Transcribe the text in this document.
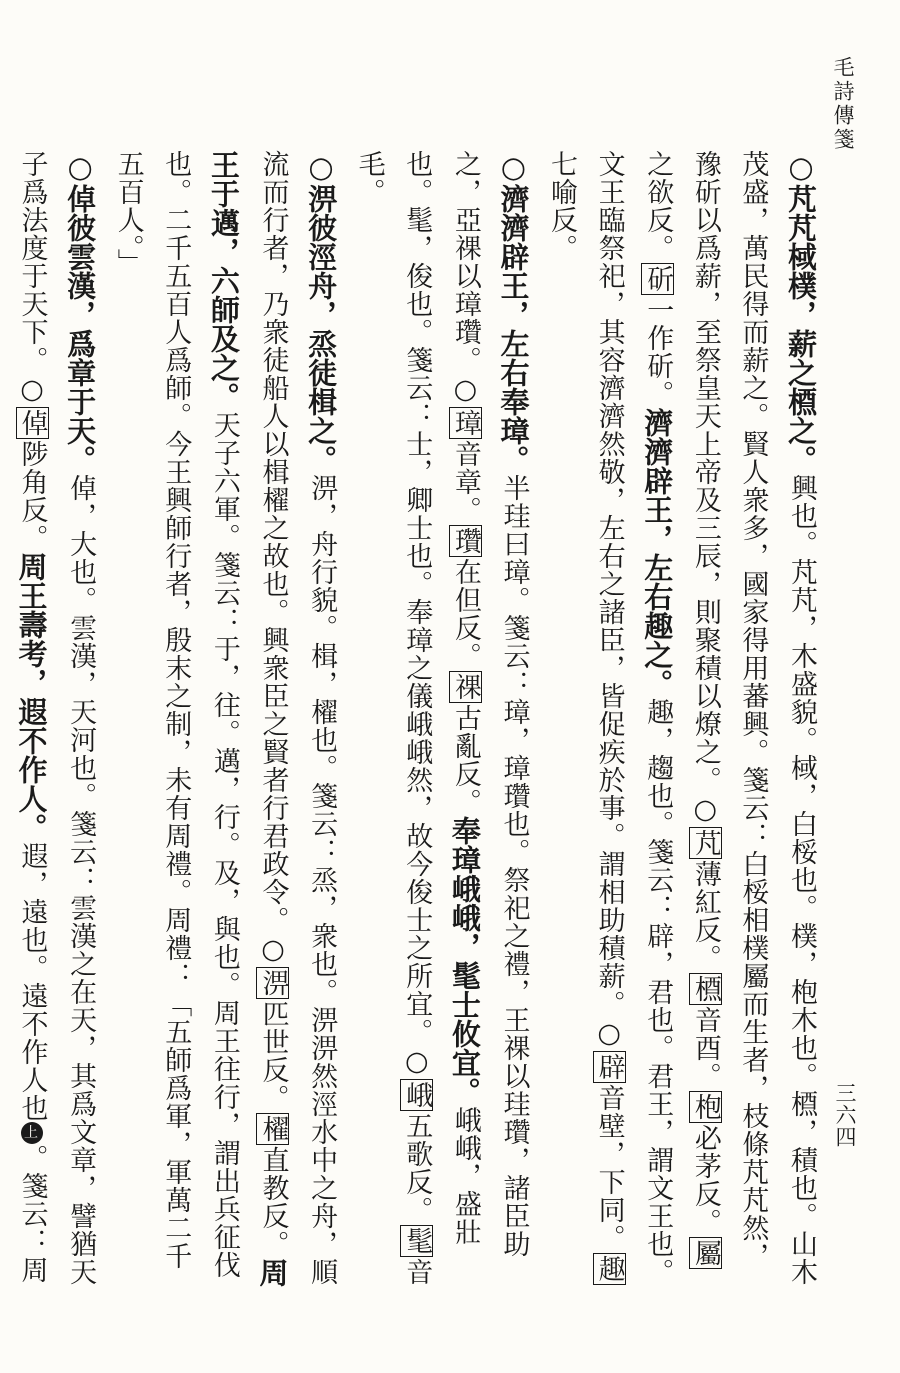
毛詩傳箋
三六四

○芃芃棫樸，薪之槱之。興也。芃芃，木盛貌。棫，白桵也。樸，枹木也。槱，積也。山木茂盛，萬民得而薪之。賢人衆多，國家得用蕃興。箋云：白桵相樸屬而生者，枝條芃芃然，豫斫以爲薪，至祭皇天上帝及三辰，則聚積以燎之。○芃薄紅反。槱音酉。枹必茅反。屬之欲反。斫一作斫。濟濟辟王，左右趣之。趣，趨也。箋云：辟，君也。君王，謂文王也。文王臨祭祀，其容濟濟然敬，左右之諸臣，皆促疾於事。謂相助積薪。○辟音壁，下同。趣七喻反。

○濟濟辟王，左右奉璋。半珪曰璋。箋云：璋，璋瓚也。祭祀之禮，王祼以珪瓚，諸臣助之，亞祼以璋瓚。○璋音章。瓚在但反。祼古亂反。奉璋峨峨，髦士攸宜。峨峨，盛壯也。髦，俊也。箋云：士，卿士也。奉璋之儀峨峨然，故今俊士之所宜。○峨五歌反。髦音毛。

○淠彼涇舟，烝徒楫之。淠，舟行貌。楫，櫂也。箋云：烝，衆也。淠淠然涇水中之舟，順流而行者，乃衆徒船人以楫櫂之故也。興衆臣之賢者行君政令。○淠匹世反。櫂直教反。周王于邁，六師及之。天子六軍。箋云：于，往。邁，行。及，與也。周王往行，謂出兵征伐也。二千五百人爲師。今王興師行者，殷末之制，未有周禮。周禮：「五師爲軍，軍萬二千五百人。」

○倬彼雲漢，爲章于天。倬，大也。雲漢，天河也。箋云：雲漢之在天，其爲文章，譬猶天子爲法度于天下。○倬陟角反。周王壽考，遐不作人。遐，遠也。遠不作人也上。箋云：周
